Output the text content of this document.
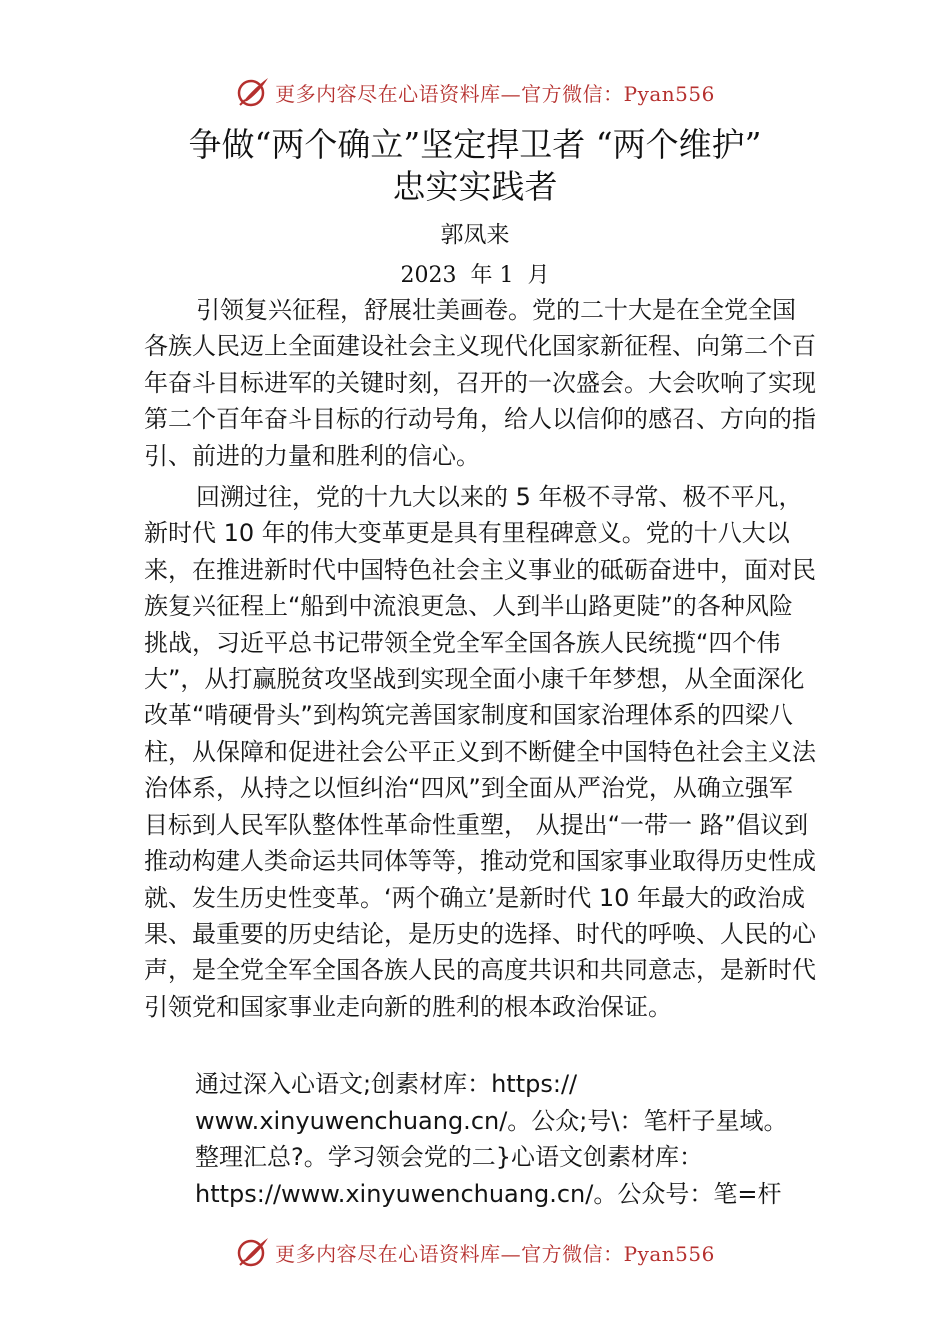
更多内容尽在心语资料库—官方微信：Pyan556
争做“两个确立”坚定捍卫者 “两个维护”
忠实实践者
郭凤来
2023  年 1  月

引领复兴征程，舒展壮美画卷。党的二十大是在全党全国各族人民迈上全面建设社会主义现代化国家新征程、向第二个百年奋斗目标进军的关键时刻，召开的一次盛会。大会吹响了实现第二个百年奋斗目标的行动号角，给人以信仰的感召、方向的指引、前进的力量和胜利的信心。

回溯过往，党的十九大以来的 5 年极不寻常、极不平凡，新时代 10 年的伟大变革更是具有里程碑意义。党的十八大以来，在推进新时代中国特色社会主义事业的砥砺奋进中，面对民族复兴征程上“船到中流浪更急、人到半山路更陡”的各种风险挑战，习近平总书记带领全党全军全国各族人民统揽“四个伟大”，从打赢脱贫攻坚战到实现全面小康千年梦想，从全面深化改革“啃硬骨头”到构筑完善国家制度和国家治理体系的四梁八柱，从保障和促进社会公平正义到不断健全中国特色社会主义法治体系，从持之以恒纠治“四风”到全面从严治党，从确立强军目标到人民军队整体性革命性重塑， 从提出“一带一 路”倡议到推动构建人类命运共同体等等，推动党和国家事业取得历史性成就、发生历史性变革。‘两个确立’是新时代 10 年最大的政治成果、最重要的历史结论，是历史的选择、时代的呼唤、人民的心声，是全党全军全国各族人民的高度共识和共同意志，是新时代引领党和国家事业走向新的胜利的根本政治保证。

通过深入心语文;创素材库：https://
www.xinyuwenchuang.cn/。公众;号\：笔杆子星域。
整理汇总?。学习领会党的二}心语文创素材库：
https://www.xinyuwenchuang.cn/。公众号：笔=杆
更多内容尽在心语资料库—官方微信：Pyan556
